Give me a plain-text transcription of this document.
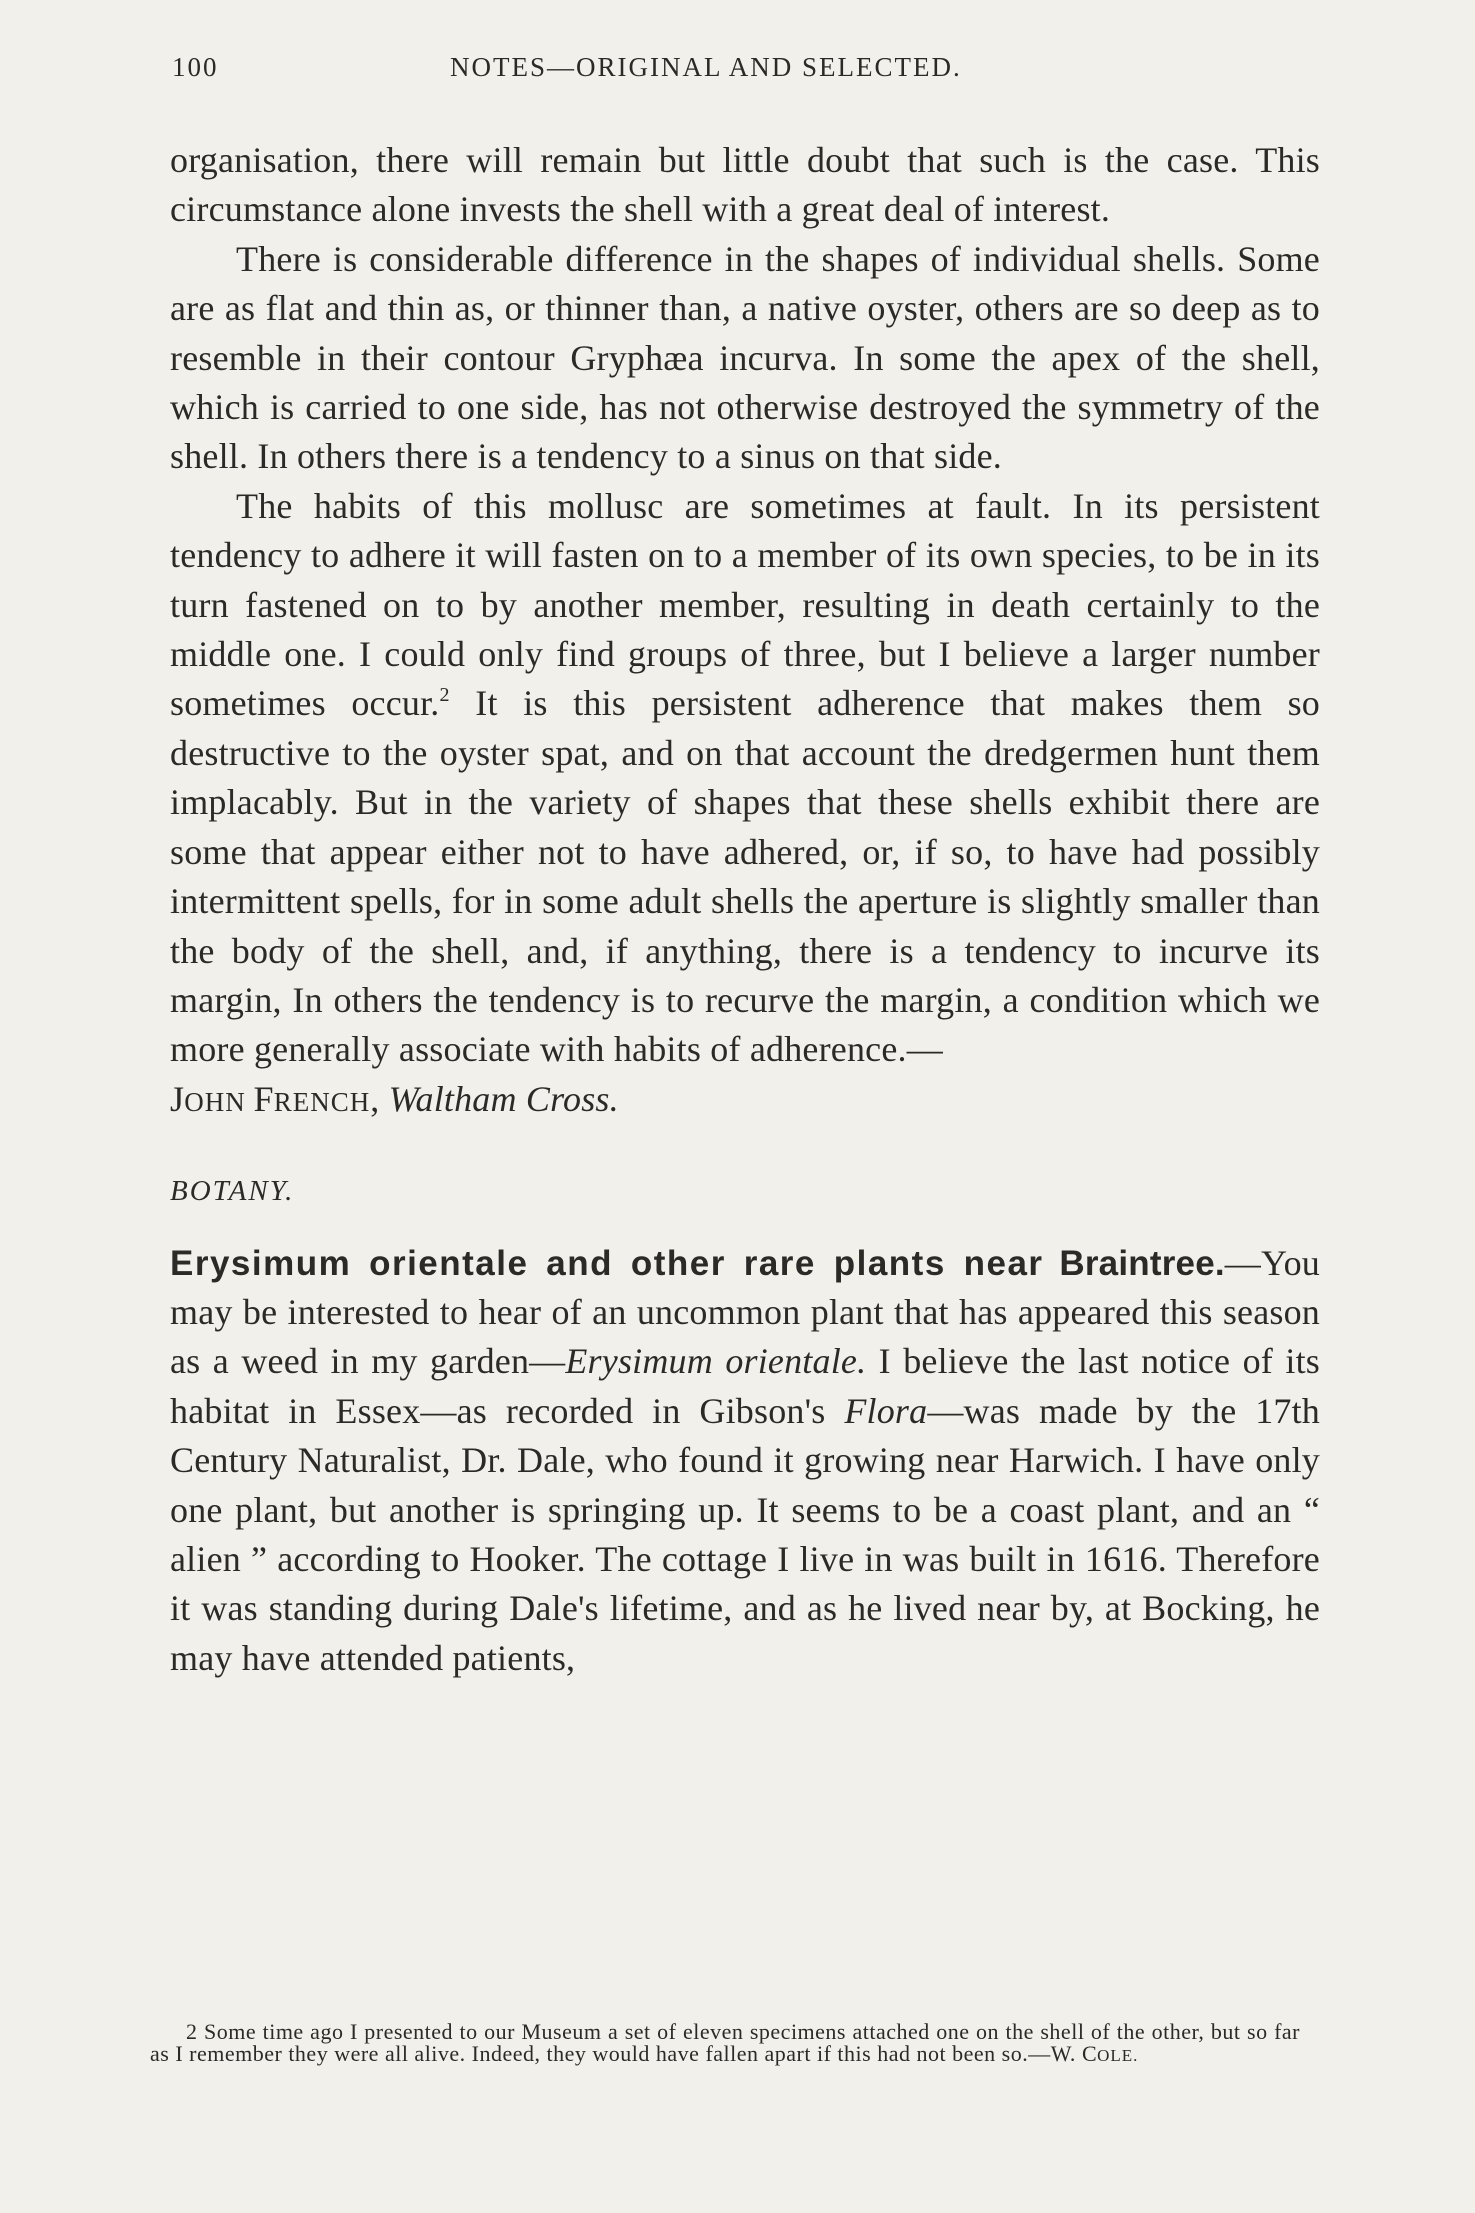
100	NOTES—ORIGINAL AND SELECTED.

organisation, there will remain but little doubt that such is the case. This circumstance alone invests the shell with a great deal of interest.

There is considerable difference in the shapes of individual shells. Some are as flat and thin as, or thinner than, a native oyster, others are so deep as to resemble in their contour Gryphæa incurva. In some the apex of the shell, which is carried to one side, has not otherwise destroyed the symmetry of the shell. In others there is a tendency to a sinus on that side.

The habits of this mollusc are sometimes at fault. In its persistent tendency to adhere it will fasten on to a member of its own species, to be in its turn fastened on to by another member, resulting in death certainly to the middle one. I could only find groups of three, but I believe a larger number sometimes occur.$^2$ It is this persistent adherence that makes them so destructive to the oyster spat, and on that account the dredgermen hunt them implacably. But in the variety of shapes that these shells exhibit there are some that appear either not to have adhered, or, if so, to have had possibly intermittent spells, for in some adult shells the aperture is slightly smaller than the body of the shell, and, if anything, there is a tendency to incurve its margin, In others the tendency is to recurve the margin, a condition which we more generally associate with habits of adherence.—
JOHN FRENCH, Waltham Cross.

BOTANY.

Erysimum orientale and other rare plants near Braintree.—You may be interested to hear of an uncommon plant that has appeared this season as a weed in my garden—Erysimum orientale. I believe the last notice of its habitat in Essex—as recorded in Gibson's Flora—was made by the 17th Century Naturalist, Dr. Dale, who found it growing near Harwich. I have only one plant, but another is springing up. It seems to be a coast plant, and an “ alien ” according to Hooker. The cottage I live in was built in 1616. Therefore it was standing during Dale's lifetime, and as he lived near by, at Bocking, he may have attended patients,

2 Some time ago I presented to our Museum a set of eleven specimens attached one on the shell of the other, but so far as I remember they were all alive. Indeed, they would have fallen apart if this had not been so.—W. COLE.
